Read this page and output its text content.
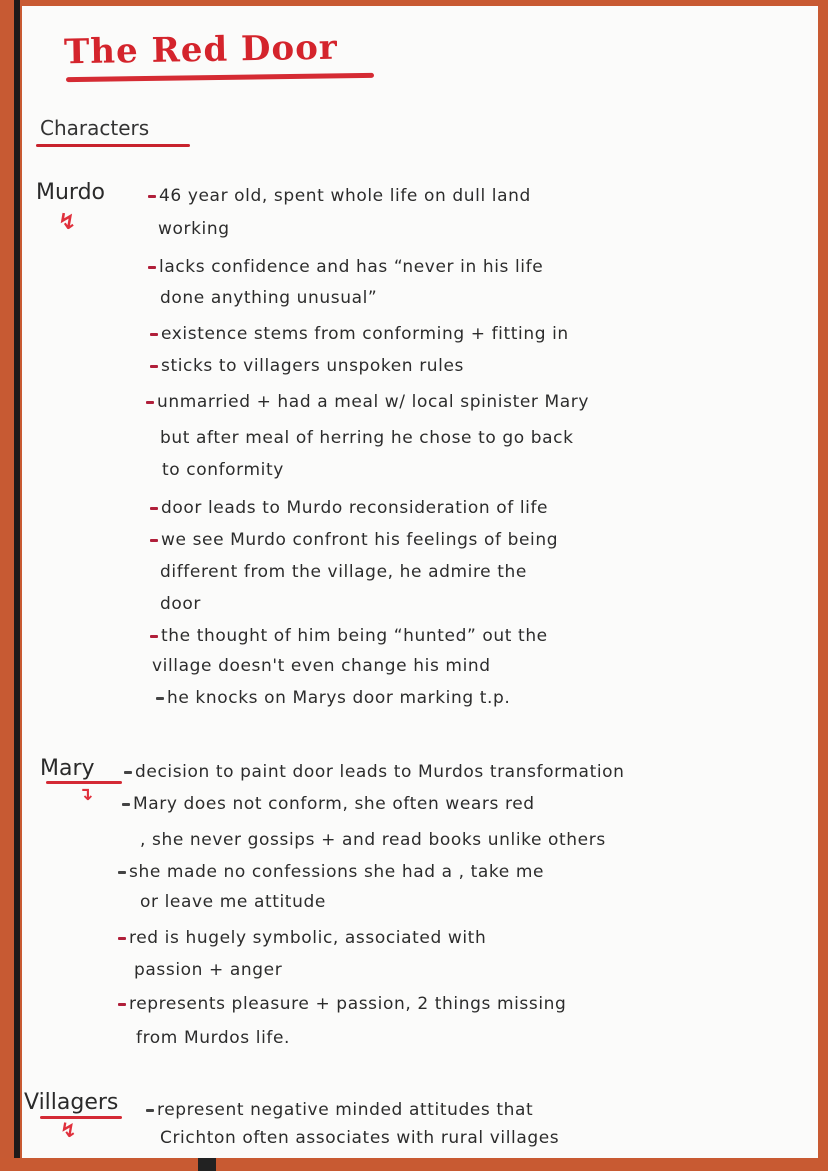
The Red Door
Characters
Murdo
↯
46 year old, spent whole life on dull land
working
lacks confidence and has “never in his life
done anything unusual”
existence stems from conforming + fitting in
sticks to villagers unspoken rules
unmarried + had a meal w/ local spinister Mary
but after meal of herring he chose to go back
to conformity
door leads to Murdo reconsideration of life
we see Murdo confront his feelings of being
different from the village, he admire the
door
the thought of him being “hunted” out the
village doesn't even change his mind
he knocks on Marys door marking t.p.
Mary
↴
decision to paint door leads to Murdos transformation
Mary does not conform, she often wears red
, she never gossips + and read books unlike others
she made no confessions she had a , take me
or leave me attitude
red is hugely symbolic, associated with
passion + anger
represents pleasure + passion, 2 things missing
from Murdos life.
Villagers
↯
represent negative minded attitudes that
Crichton often associates with rural villages
